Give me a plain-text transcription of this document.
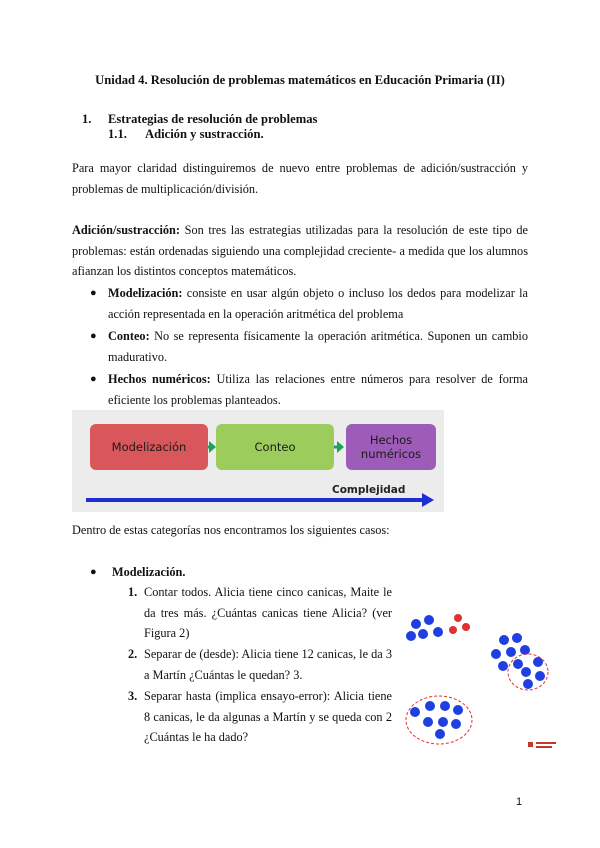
Unidad 4. Resolución de problemas matemáticos en Educación Primaria (II)
1. Estrategias de resolución de problemas
1.1. Adición y sustracción.
Para mayor claridad distinguiremos de nuevo entre problemas de adición/sustracción y problemas de multiplicación/división.
Adición/sustracción: Son tres las estrategias utilizadas para la resolución de este tipo de problemas: están ordenadas siguiendo una complejidad creciente- a medida que los alumnos afianzan los distintos conceptos matemáticos.
● Modelización: consiste en usar algún objeto o incluso los dedos para modelizar la acción representada en la operación aritmética del problema
● Conteo: No se representa físicamente la operación aritmética. Suponen un cambio madurativo.
● Hechos numéricos: Utiliza las relaciones entre números para resolver de forma eficiente los problemas planteados.
Modelización	Conteo	Hechos numéricos
Complejidad
Dentro de estas categorías nos encontramos los siguientes casos:
● Modelización.
1. Contar todos. Alicia tiene cinco canicas, Maite le da tres más. ¿Cuántas canicas tiene Alicia? (ver Figura 2)
2. Separar de (desde): Alicia tiene 12 canicas, le da 3 a Martín ¿Cuántas le quedan? 3.
3. Separar hasta (implica ensayo-error): Alicia tiene 8 canicas, le da algunas a Martín y se queda con 2 ¿Cuántas le ha dado?
1
